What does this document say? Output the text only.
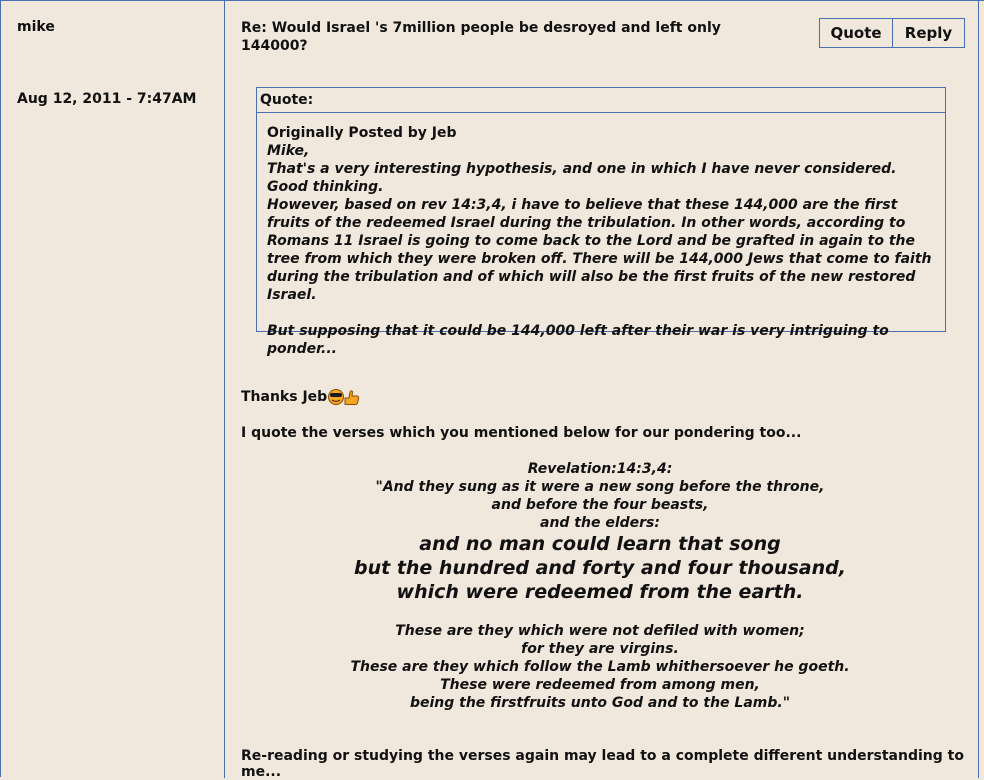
mike
Aug 12, 2011 - 7:47AM
Re: Would Israel 's 7million people be desroyed and left only 144000?
Quote	Reply
Quote:
Originally Posted by Jeb
Mike,
That's a very interesting hypothesis, and one in which I have never considered. Good thinking.
However, based on rev 14:3,4, i have to believe that these 144,000 are the first fruits of the redeemed Israel during the tribulation. In other words, according to Romans 11 Israel is going to come back to the Lord and be grafted in again to the tree from which they were broken off. There will be 144,000 Jews that come to faith during the tribulation and of which will also be the first fruits of the new restored Israel.
But supposing that it could be 144,000 left after their war is very intriguing to ponder...
Thanks Jeb
I quote the verses which you mentioned below for our pondering too...
Revelation:14:3,4:
"And they sung as it were a new song before the throne,
and before the four beasts,
and the elders:
and no man could learn that song
but the hundred and forty and four thousand,
which were redeemed from the earth.
These are they which were not defiled with women;
for they are virgins.
These are they which follow the Lamb whithersoever he goeth.
These were redeemed from among men,
being the firstfruits unto God and to the Lamb."
Re-reading or studying the verses again may lead to a complete different understanding to me...
